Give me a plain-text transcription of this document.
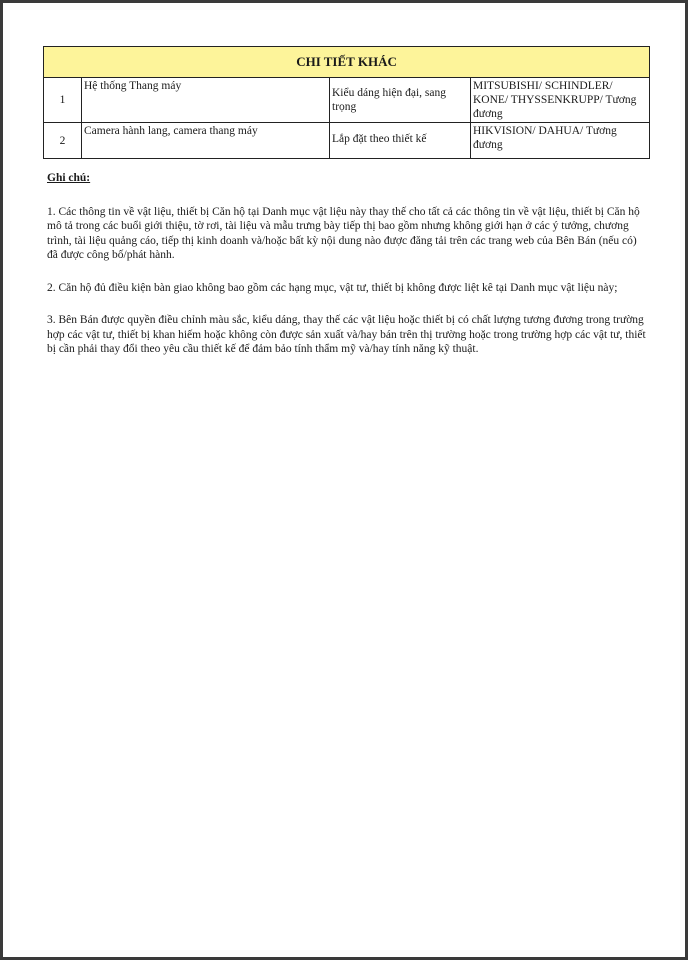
CHI TIẾT KHÁC			
1	Hệ thống Thang máy	Kiểu dáng hiện đại, sang trọng	MITSUBISHI/ SCHINDLER/ KONE/ THYSSENKRUPP/ Tương đương
2	Camera hành lang, camera thang máy	Lắp đặt theo thiết kế	HIKVISION/ DAHUA/ Tương đương
Ghi chú:

1. Các thông tin về vật liệu, thiết bị Căn hộ tại Danh mục vật liệu này thay thế cho tất cả các thông tin về vật liệu, thiết bị Căn hộ mô tả trong các buổi giới thiệu, tờ rơi, tài liệu và mẫu trưng bày tiếp thị bao gồm nhưng không giới hạn ở các ý tưởng, chương trình, tài liệu quảng cáo, tiếp thị kinh doanh và/hoặc bất kỳ nội dung nào được đăng tải trên các trang web của Bên Bán (nếu có) đã được công bố/phát hành.

2. Căn hộ đủ điều kiện bàn giao không bao gồm các hạng mục, vật tư, thiết bị không được liệt kê tại Danh mục vật liệu này;

3. Bên Bán được quyền điều chỉnh màu sắc, kiểu dáng, thay thế các vật liệu hoặc thiết bị có chất lượng tương đương trong trường hợp các vật tư, thiết bị khan hiếm hoặc không còn được sản xuất và/hay bán trên thị trường hoặc trong trường hợp các vật tư, thiết bị cần phải thay đổi theo yêu cầu thiết kế để đảm bảo tính thẩm mỹ và/hay tính năng kỹ thuật.
